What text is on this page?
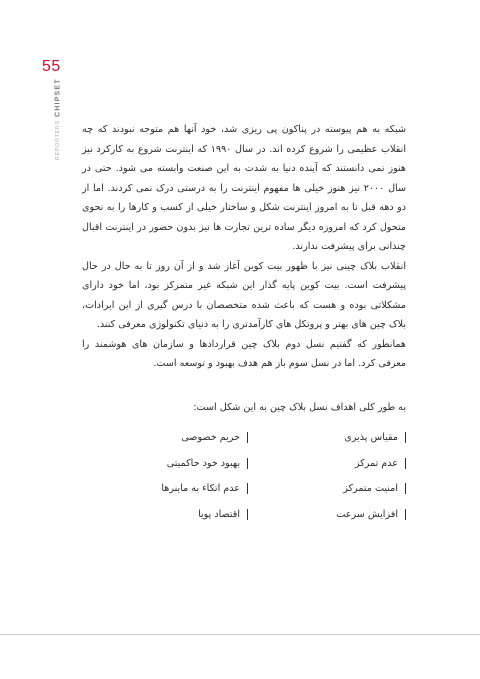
55
REPORTERS
CHIPSET

شبکه به هم پیوسته در پناکون پی ریزی شد، خود آنها هم متوجه نبودند که چه انقلاب عظیمی را شروع کرده اند. در سال ۱۹۹۰ که اینترنت شروع به کارکرد نیز هنوز نمی دانستند که آینده دنیا به شدت به این صنعت وابسته می شود. حتی در سال ۲۰۰۰ نیز هنوز خیلی ها مفهوم اینترنت را به درستی درک نمی کردند. اما از دو دهه قبل تا به امروز اینترنت شکل و ساختار خیلی از کسب و کارها را به نحوی متحول کرد که امروزه دیگر ساده ترین تجارت ها نیز بدون حضور در اینترنت اقبال چندانی برای پیشرفت ندارند.

انقلاب بلاک چینی نیز با ظهور بیت کوین آغاز شد و از آن روز تا به حال در حال پیشرفت است. بیت کوین پایه گذار این شبکه غیر متمرکز بود، اما خود دارای مشکلاتی بوده و هست که باعث شده متخصصان با درس گیری از این ایرادات، بلاک چین های بهتر و پروتکل های کارآمدتری را به دنیای تکنولوژی معرفی کنند.

همانطور که گفتیم نسل دوم بلاک چین قراردادها و سازمان های هوشمند را معرفی کرد. اما در نسل سوم باز هم هدف بهبود و توسعه است.

به طور کلی اهداف نسل بلاک چین به این شکل است:
مقیاس پذیری
حریم خصوصی
عدم تمرکز
بهبود خود حاکمیتی
امنیت متمرکز
عدم اتکاء به ماینرها
افزایش سرعت
اقتصاد پویا
